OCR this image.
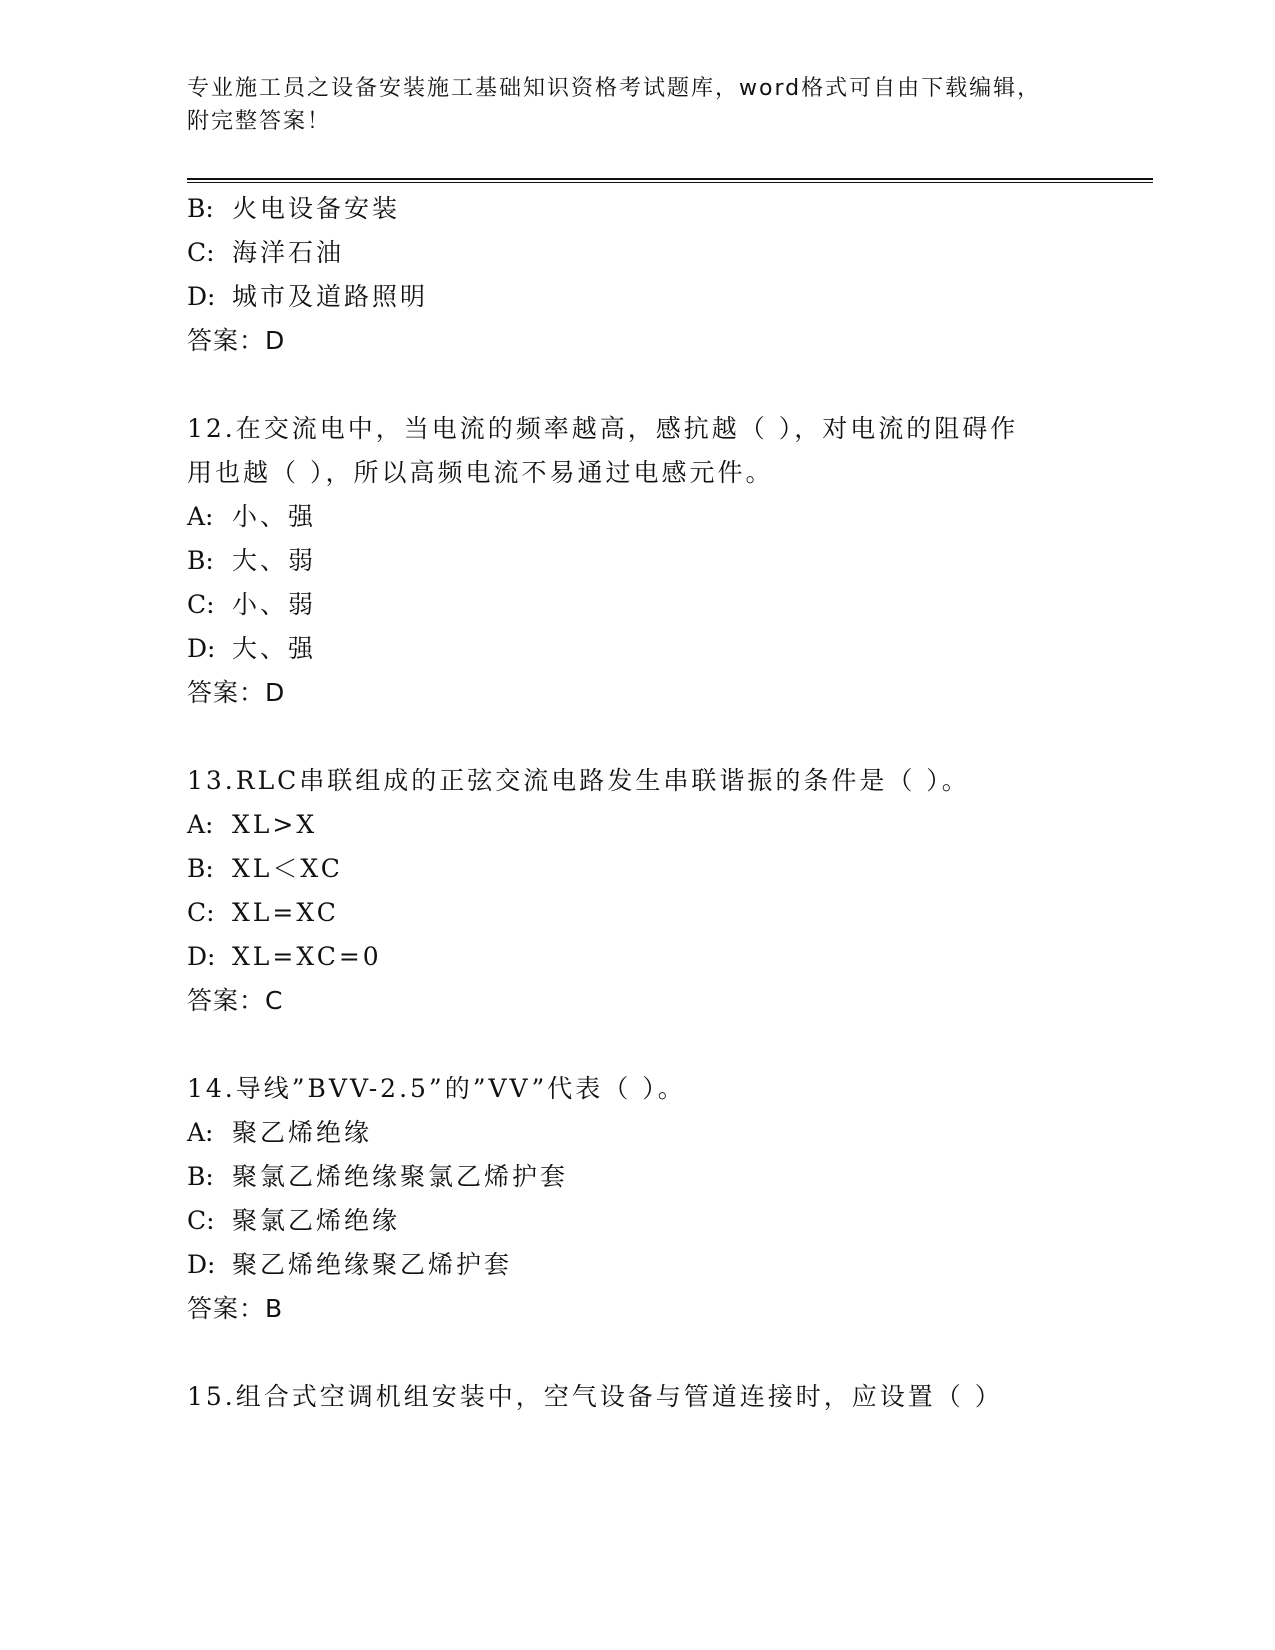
专业施工员之设备安装施工基础知识资格考试题库，word格式可自由下载编辑，
附完整答案！
B: 火电设备安装
C: 海洋石油
D: 城市及道路照明
答案：D
12.在交流电中，当电流的频率越高，感抗越（ ），对电流的阻碍作
用也越（ ），所以高频电流不易通过电感元件。
A: 小、强
B: 大、弱
C: 小、弱
D: 大、强
答案：D
13.RLC串联组成的正弦交流电路发生串联谐振的条件是（ ）。
A: XL>X
B: XL＜XC
C: XL=XC
D: XL=XC=0
答案：C
14.导线”BVV-2.5”的”VV”代表（ ）。
A: 聚乙烯绝缘
B: 聚氯乙烯绝缘聚氯乙烯护套
C: 聚氯乙烯绝缘
D: 聚乙烯绝缘聚乙烯护套
答案：B
15.组合式空调机组安装中，空气设备与管道连接时，应设置（ ）
